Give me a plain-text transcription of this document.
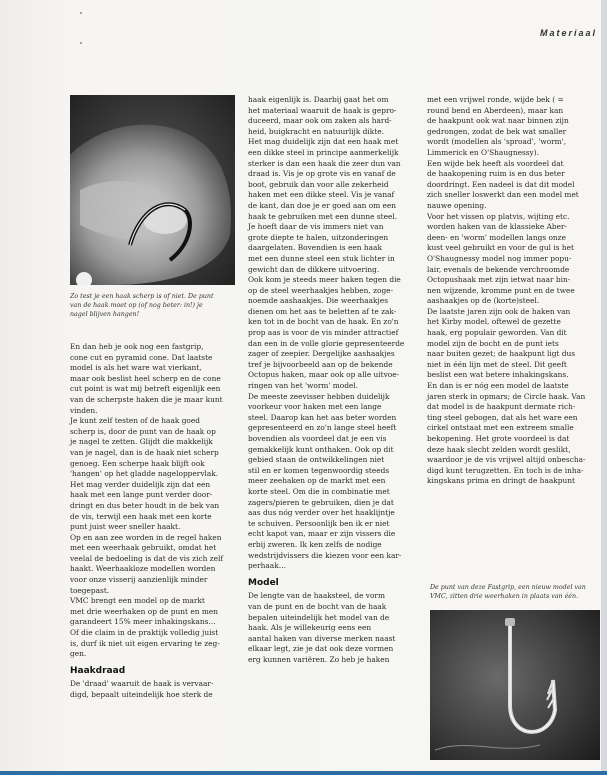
Materiaal

Zo test je een haak scherp is of niet. De punt

van de haak moet op (of nog beter: in!) je

nagel blijven hangen!

En dan heb je ook nog een fastgrip,

cone cut en pyramid cone. Dat laatste

model is als het ware wat vierkant,

maar ook beslist heel scherp en de cone

cut point is wat mij betreft eigenlijk een

van de scherpste haken die je maar kunt

vinden.

Je kunt zelf testen of de haak goed

scherp is, door de punt van de haak op

je nagel te zetten. Glijdt die makkelijk

van je nagel, dan is de haak niet scherp

genoeg. Een scherpe haak blijft ook

'hangen' op het gladde nageloppervlak.

Het mag verder duidelijk zijn dat een

haak met een lange punt verder door-

dringt en dus beter houdt in de bek van

de vis, terwijl een haak met een korte

punt juist weer sneller haakt.

Op en aan zee worden in de regel haken

met een weerhaak gebruikt, omdat het

veelal de bedoeling is dat de vis zich zelf

haakt. Weerhaakloze modellen worden

voor onze visserij aanzienlijk minder

toegepast.

VMC brengt een model op de markt

met drie weerhaken op de punt en men

garandeert 15% meer inhakingskans…

Of die claim in de praktijk volledig juist

is, durf ik niet uit eigen ervaring te zeg-

gen.

Haakdraad

De 'draad' waaruit de haak is vervaar-

digd, bepaalt uiteindelijk hoe sterk de

haak eigenlijk is. Daarbij gaat het om

het materiaal waaruit de haak is gepro-

duceerd, maar ook om zaken als hard-

heid, buigkracht en natuurlijk dikte.

Het mag duidelijk zijn dat een haak met

een dikke steel in principe aanmerkelijk

sterker is dan een haak die zeer dun van

draad is. Vis je op grote vis en vanaf de

boot, gebruik dan voor alle zekerheid

haken met een dikke steel. Vis je vanaf

de kant, dan doe je er goed aan om een

haak te gebruiken met een dunne steel.

Je hoeft daar de vis immers niet van

grote diepte te halen, uitzonderingen

daargelaten. Bovendien is een haak

met een dunne steel een stuk lichter in

gewicht dan de dikkere uitvoering.

Ook kom je steeds meer haken tegen die

op de steel weerhaakjes hebben, zoge-

noemde aashaakjes. Die weerhaakjes

dienen om het aas te beletten af te zak-

ken tot in de bocht van de haak. En zo'n

prop aas is voor de vis minder attractief

dan een in de volle glorie gepresenteerde

zager of zeepier. Dergelijke aashaakjes

tref je bijvoorbeeld aan op de bekende

Octopus haken, maar ook op alle uitvoe-

ringen van het 'worm' model.

De meeste zeevisser hebben duidelijk

voorkeur voor haken met een lange

steel. Daarop kan het aas beter worden

gepresenteerd en zo'n lange steel heeft

bovendien als voordeel dat je een vis

gemakkelijk kunt onthaken. Ook op dit

gebied staan de ontwikkelingen niet

stil en er komen tegenwoordig steeds

meer zeehaken op de markt met een

korte steel. Om die in combinatie met

zagers/pieren te gebruiken, dien je dat

aas dus nóg verder over het haaklijntje

te schuiven. Persoonlijk ben ik er niet

echt kapot van, maar er zijn vissers die

erbij zweren. Ik ken zelfs de nodige

wedstrijdvissers die kiezen voor een kar-

perhaak…

Model

De lengte van de haaksteel, de vorm

van de punt en de bocht van de haak

bepalen uiteindelijk het model van de

haak. Als je willekeurig eens een

aantal haken van diverse merken naast

elkaar legt, zie je dat ook deze vormen

erg kunnen variëren. Zo heb je haken

met een vrijwel ronde, wijde bek ( =

round bend en Aberdeen), maar kan

de haakpunt ook wat naar binnen zijn

gedrongen, zodat de bek wat smaller

wordt (modellen als 'sproad', 'worm',

Limmerick en O'Shaugnessy).

Een wijde bek heeft als voordeel dat

de haakopening ruim is en dus beter

doordringt. Een nadeel is dat dit model

zich sneller loswerkt dan een model met

nauwe opening.

Voor het vissen op platvis, wijting etc.

worden haken van de klassieke Aber-

deen- en 'worm' modellen langs onze

kust veel gebruikt en voor de gul is het

O'Shaugnessy model nog immer popu-

lair, evenals de bekende verchroomde

Octopushaak met zijn ietwat naar bin-

nen wijzende, kromme punt en de twee

aashaakjes op de (korte)steel.

De laatste jaren zijn ook de haken van

het Kirby model, oftewel de gezette

haak, erg populair geworden. Van dit

model zijn de bocht en de punt iets

naar buiten gezet; de haakpunt ligt dus

niet in één lijn met de steel. Dit geeft

beslist een wat betere inhakingskans.

En dan is er nóg een model de laatste

jaren sterk in opmars; de Circle haak. Van

dat model is de haakpunt dermate rich-

ting steel gebogen, dat als het ware een

cirkel ontstaat met een extreem smalle

bekopening. Het grote voordeel is dat

deze haak slecht zelden wordt geslikt,

waardoor je de vis vrijwel altijd onbescha-

digd kunt terugzetten. En toch is de inha-

kingskans prima en dringt de haakpunt

De punt van deze Fastgrip, een nieuw model van

VMC, zitten drie weerhaken in plaats van één.
